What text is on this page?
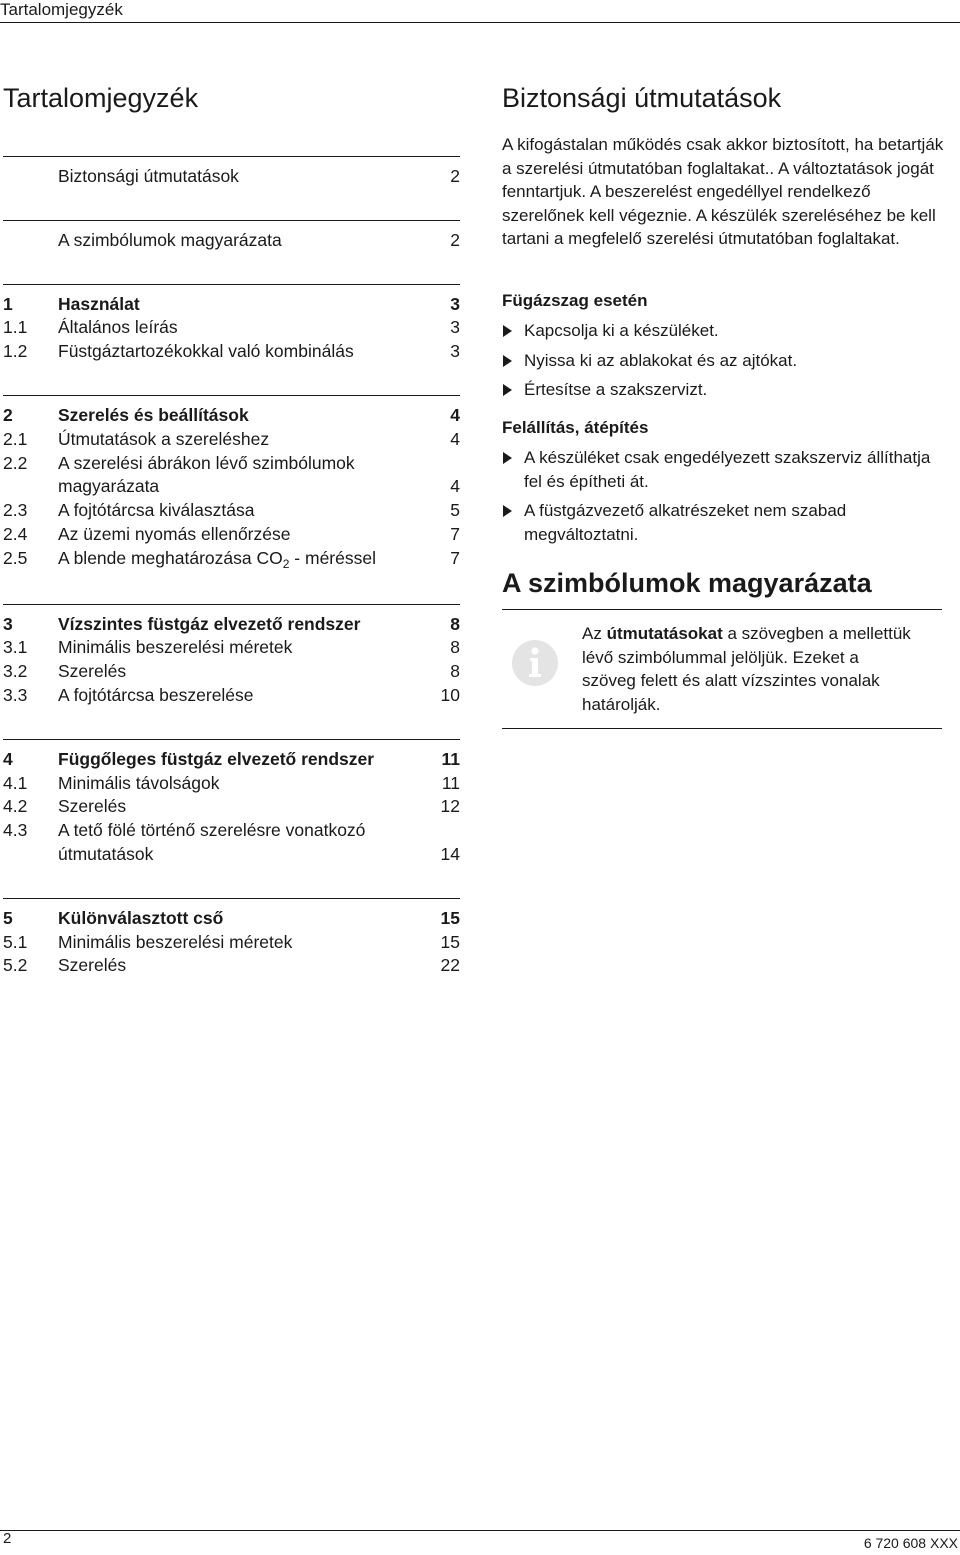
Tartalomjegyzék
Tartalomjegyzék
Biztonsági útmutatások	2
A szimbólumok magyarázata	2
1	Használat	3
1.1	Általános leírás	3
1.2	Füstgáztartozékokkal való kombinálás	3
2	Szerelés és beállítások	4
2.1	Útmutatások a szereléshez	4
2.2	A szerelési ábrákon lévő szimbólumok
magyarázata	4
2.3	A fojtótárcsa kiválasztása	5
2.4	Az üzemi nyomás ellenőrzése	7
2.5	A blende meghatározása $CO_2$ - méréssel	7
3	Vízszintes füstgáz elvezető rendszer	8
3.1	Minimális beszerelési méretek	8
3.2	Szerelés	8
3.3	A fojtótárcsa beszerelése	10
4	Függőleges füstgáz elvezető rendszer	11
4.1	Minimális távolságok	11
4.2	Szerelés	12
4.3	A tető fölé történő szerelésre vonatkozó
útmutatások	14
5	Különválasztott cső	15
5.1	Minimális beszerelési méretek	15
5.2	Szerelés	22
Biztonsági útmutatások

A kifogástalan működés csak akkor biztosított, ha betartják a szerelési útmutatóban foglaltakat.. A változtatások jogát fenntartjuk. A beszerelést engedéllyel rendelkező szerelőnek kell végeznie. A készülék szereléséhez be kell tartani a megfelelő szerelési útmutatóban foglaltakat.

Fügázszag esetén
Kapcsolja ki a készüléket.
Nyissa ki az ablakokat és az ajtókat.
Értesítse a szakszervizt.
Felállítás, átépítés
A készüléket csak engedélyezett szakszerviz állíthatja fel és építheti át.
A füstgázvezető alkatrészeket nem szabad megváltoztatni.
A szimbólumok magyarázata

Az útmutatásokat a szövegben a mellettük lévő szimbólummal jelöljük. Ezeket a szöveg felett és alatt vízszintes vonalak határolják.

2	6 720 608 XXX
